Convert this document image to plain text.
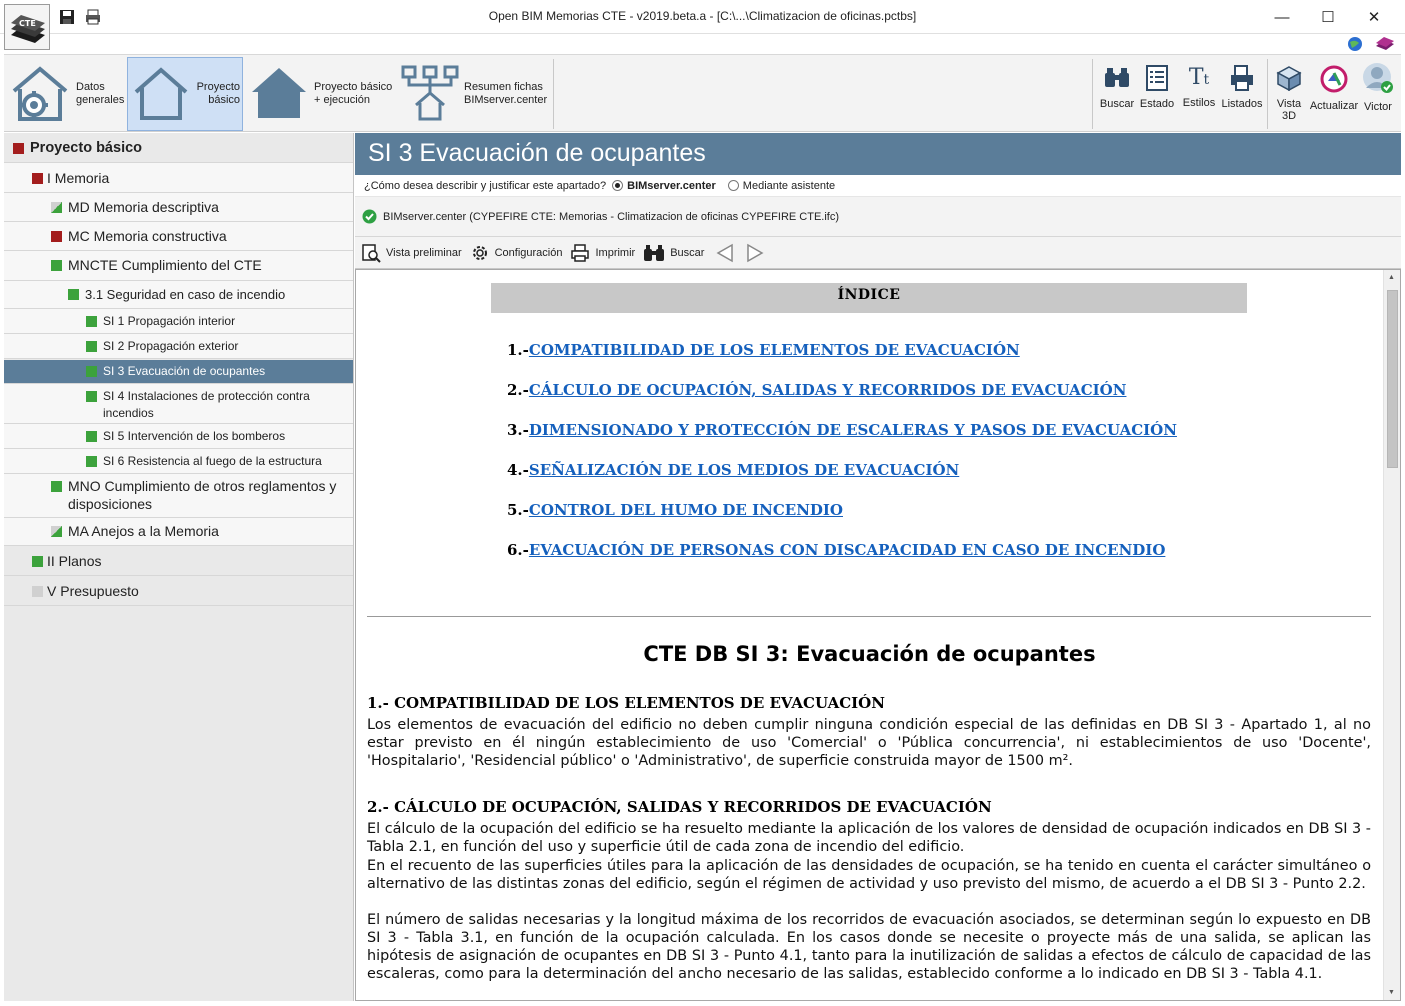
CTE
Open BIM Memorias CTE - v2019.beta.a - [C:\...\Climatizacion de oficinas.pctbs]	—	☐	✕
Datos generales
Proyecto básico
Proyecto básico + ejecución
Resumen fichas BIMserver.center	Buscar Estado
Tt
Estilos Listados Vista 3D
Actualizar Victor
Proyecto básico
I Memoria
MD Memoria descriptiva
MC Memoria constructiva
MNCTE Cumplimiento del CTE
3.1 Seguridad en caso de incendio
SI 1 Propagación interior
SI 2 Propagación exterior
SI 3 Evacuación de ocupantes
SI 4 Instalaciones de protección contra incendios
SI 5 Intervención de los bomberos
SI 6 Resistencia al fuego de la estructura
MNO Cumplimiento de otros reglamentos y disposiciones
MA Anejos a la Memoria
II Planos
V Presupuesto
SI 3 Evacuación de ocupantes
¿Cómo desea describir y justificar este apartado? BIMserver.center Mediante asistente
BIMserver.center (CYPEFIRE CTE: Memorias - Climatizacion de oficinas CYPEFIRE CTE.ifc)
Vista preliminar	Configuración	Imprimir	Buscar
ÍNDICE
1.-COMPATIBILIDAD DE LOS ELEMENTOS DE EVACUACIÓN
2.-CÁLCULO DE OCUPACIÓN, SALIDAS Y RECORRIDOS DE EVACUACIÓN
3.-DIMENSIONADO Y PROTECCIÓN DE ESCALERAS Y PASOS DE EVACUACIÓN
4.-SEÑALIZACIÓN DE LOS MEDIOS DE EVACUACIÓN
5.-CONTROL DEL HUMO DE INCENDIO
6.-EVACUACIÓN DE PERSONAS CON DISCAPACIDAD EN CASO DE INCENDIO
CTE DB SI 3: Evacuación de ocupantes
1.- COMPATIBILIDAD DE LOS ELEMENTOS DE EVACUACIÓN
Los elementos de evacuación del edificio no deben cumplir ninguna condición especial de las definidas en DB SI 3 - Apartado 1, al no estar previsto en él ningún establecimiento de uso 'Comercial' o 'Pública concurrencia', ni establecimientos de uso 'Docente', 'Hospitalario', 'Residencial público' o 'Administrativo', de superficie construida mayor de 1500 m².
2.- CÁLCULO DE OCUPACIÓN, SALIDAS Y RECORRIDOS DE EVACUACIÓN
El cálculo de la ocupación del edificio se ha resuelto mediante la aplicación de los valores de densidad de ocupación indicados en DB SI 3 - Tabla 2.1, en función del uso y superficie útil de cada zona de incendio del edificio.
En el recuento de las superficies útiles para la aplicación de las densidades de ocupación, se ha tenido en cuenta el carácter simultáneo o alternativo de las distintas zonas del edificio, según el régimen de actividad y uso previsto del mismo, de acuerdo a el DB SI 3 - Punto 2.2.
El número de salidas necesarias y la longitud máxima de los recorridos de evacuación asociados, se determinan según lo expuesto en DB SI 3 - Tabla 3.1, en función de la ocupación calculada. En los casos donde se necesite o proyecte más de una salida, se aplican las hipótesis de asignación de ocupantes en DB SI 3 - Punto 4.1, tanto para la inutilización de salidas a efectos de cálculo de capacidad de las escaleras, como para la determinación del ancho necesario de las salidas, establecido conforme a lo indicado en DB SI 3 - Tabla 4.1.
▲
▼
